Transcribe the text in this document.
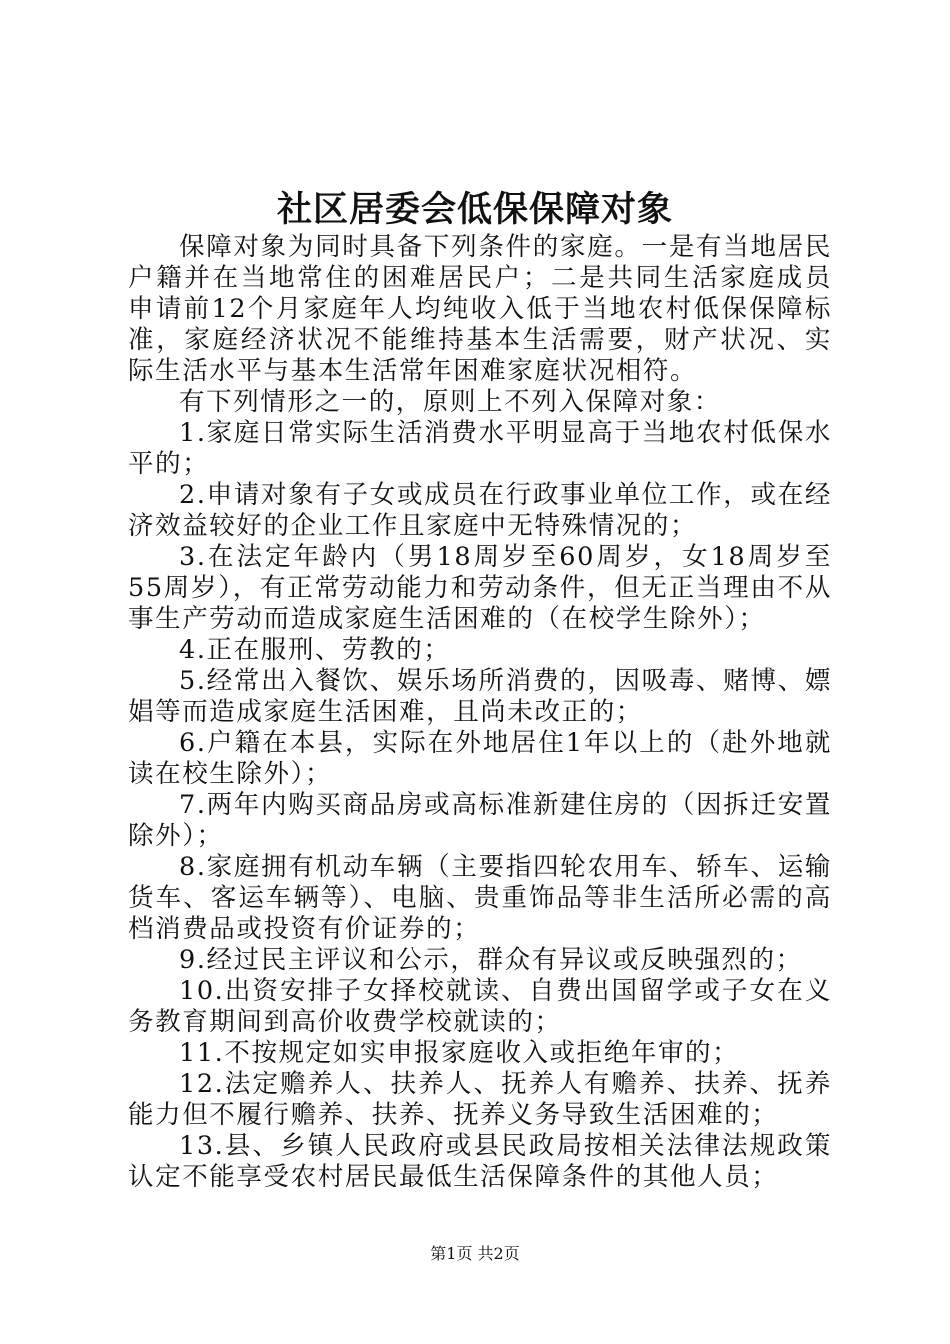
社区居委会低保保障对象

保障对象为同时具备下列条件的家庭。一是有当地居民户籍并在当地常住的困难居民户；二是共同生活家庭成员申请前12个月家庭年人均纯收入低于当地农村低保保障标准，家庭经济状况不能维持基本生活需要，财产状况、实际生活水平与基本生活常年困难家庭状况相符。

有下列情形之一的，原则上不列入保障对象：

1.家庭日常实际生活消费水平明显高于当地农村低保水平的；

2.申请对象有子女或成员在行政事业单位工作，或在经济效益较好的企业工作且家庭中无特殊情况的；

3.在法定年龄内（男18周岁至60周岁，女18周岁至55周岁），有正常劳动能力和劳动条件，但无正当理由不从事生产劳动而造成家庭生活困难的（在校学生除外）；

4.正在服刑、劳教的；

5.经常出入餐饮、娱乐场所消费的，因吸毒、赌博、嫖娼等而造成家庭生活困难，且尚未改正的；

6.户籍在本县，实际在外地居住1年以上的（赴外地就读在校生除外）；

7.两年内购买商品房或高标准新建住房的（因拆迁安置除外）；

8.家庭拥有机动车辆（主要指四轮农用车、轿车、运输货车、客运车辆等）、电脑、贵重饰品等非生活所必需的高档消费品或投资有价证券的；

9.经过民主评议和公示，群众有异议或反映强烈的；

10.出资安排子女择校就读、自费出国留学或子女在义务教育期间到高价收费学校就读的；

11.不按规定如实申报家庭收入或拒绝年审的；

12.法定赡养人、扶养人、抚养人有赡养、扶养、抚养能力但不履行赡养、扶养、抚养义务导致生活困难的；

13.县、乡镇人民政府或县民政局按相关法律法规政策认定不能享受农村居民最低生活保障条件的其他人员；

第1页 共2页
